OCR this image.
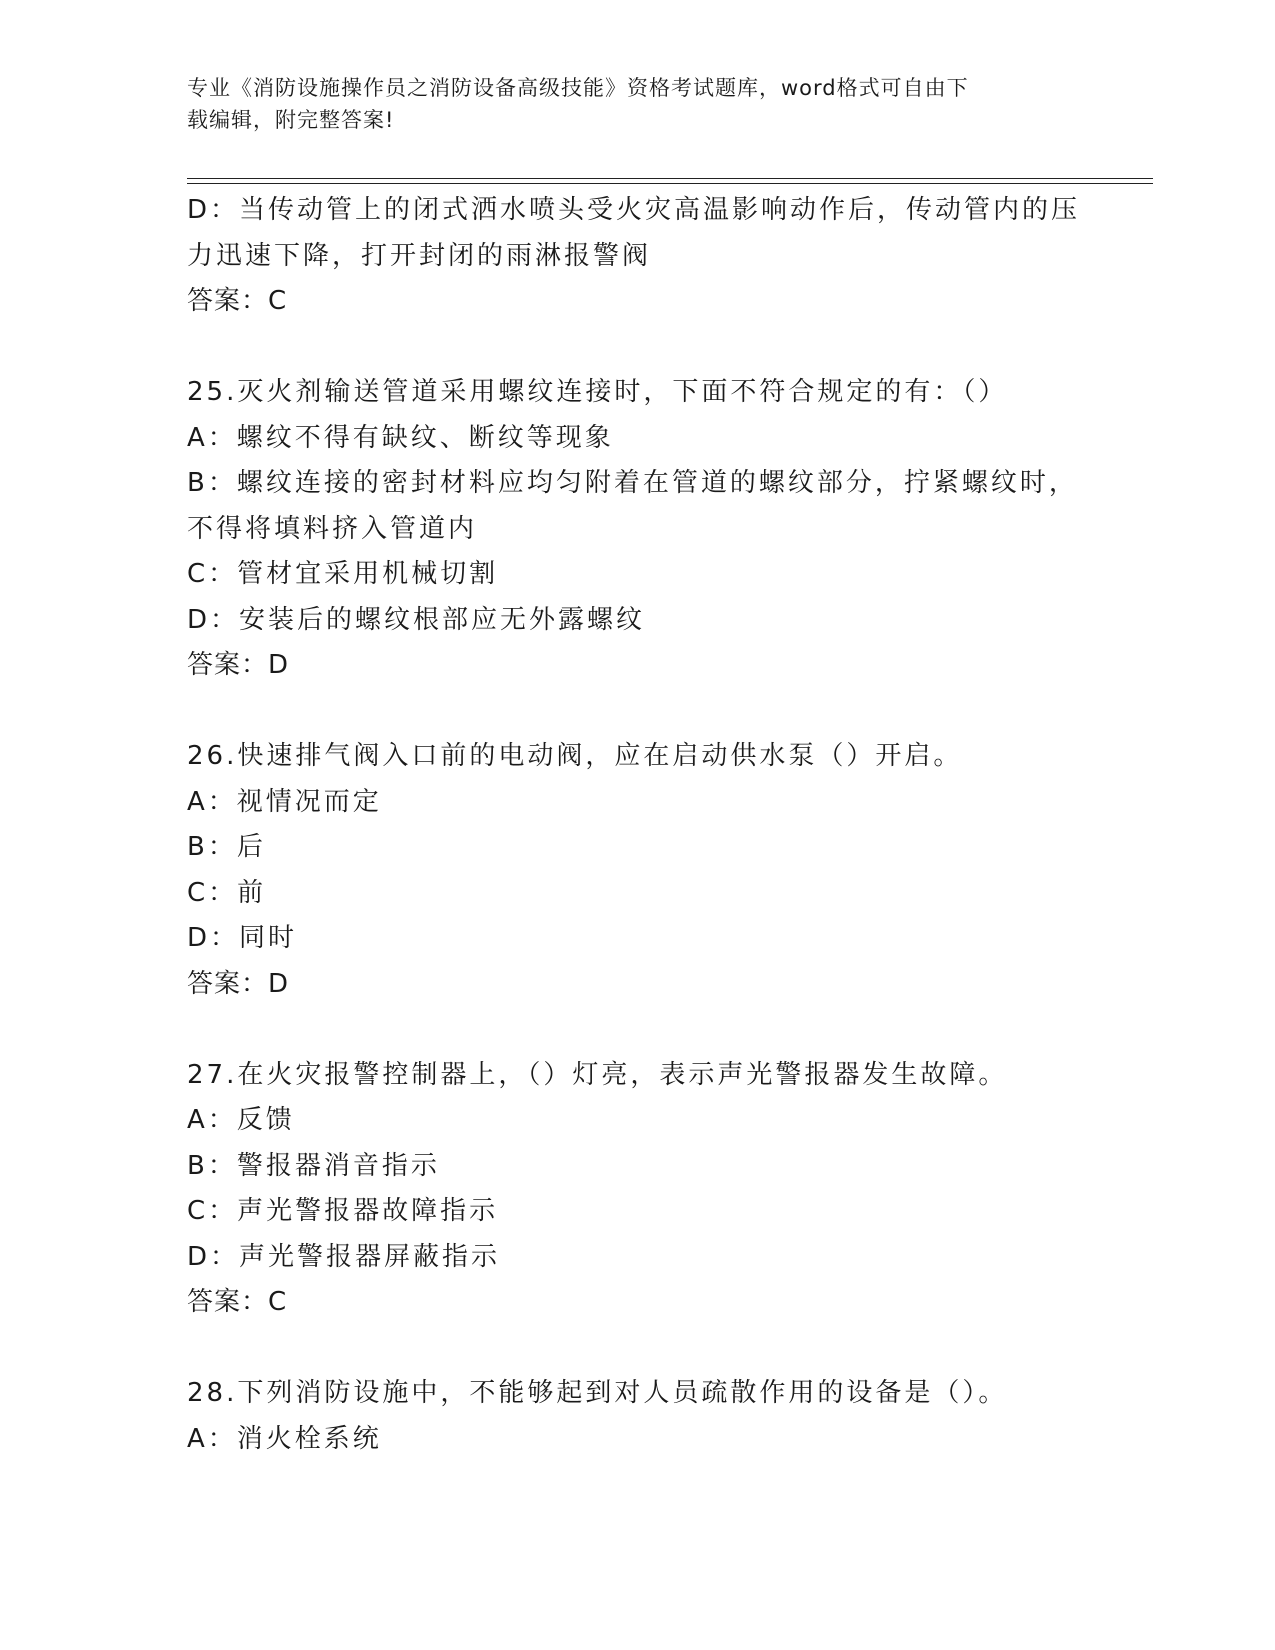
专业《消防设施操作员之消防设备高级技能》资格考试题库，word格式可自由下
载编辑，附完整答案!
D：当传动管上的闭式洒水喷头受火灾高温影响动作后，传动管内的压
力迅速下降，打开封闭的雨淋报警阀
答案：C
25.灭火剂输送管道采用螺纹连接时，下面不符合规定的有：（）
A：螺纹不得有缺纹、断纹等现象
B：螺纹连接的密封材料应均匀附着在管道的螺纹部分，拧紧螺纹时，
不得将填料挤入管道内
C：管材宜采用机械切割
D：安装后的螺纹根部应无外露螺纹
答案：D
26.快速排气阀入口前的电动阀，应在启动供水泵（）开启。
A：视情况而定
B：后
C：前
D：同时
答案：D
27.在火灾报警控制器上，（）灯亮，表示声光警报器发生故障。
A：反馈
B：警报器消音指示
C：声光警报器故障指示
D：声光警报器屏蔽指示
答案：C
28.下列消防设施中，不能够起到对人员疏散作用的设备是（）。
A：消火栓系统
